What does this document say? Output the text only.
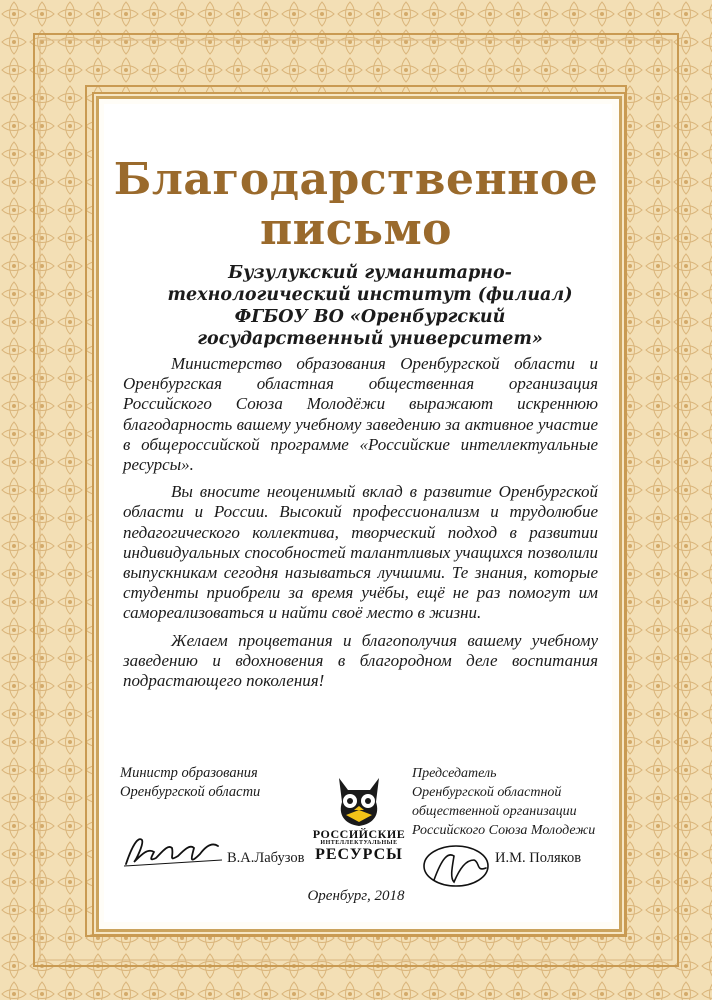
Благодарственное
письмо
Бузулукский гуманитарно-технологический институт (филиал) ФГБОУ ВО «Оренбургский государственный университет»

Министерство образования Оренбургской области и Оренбургская областная общественная организация Российского Союза Молодёжи выражают искреннюю благодарность вашему учебному заведению за активное участие в общероссийской программе «Российские интеллектуальные ресурсы».

Вы вносите неоценимый вклад в развитие Оренбургской области и России. Высокий профессионализм и трудолюбие педагогического коллектива, творческий подход в развитии индивидуальных способностей талантливых учащихся позволили выпускникам сегодня называться лучшими. Те знания, которые студенты приобрели за время учёбы, ещё не раз помогут им самореализоваться и найти своё место в жизни.

Желаем процветания и благополучия вашему учебному заведению и вдохновения в благородном деле воспитания подрастающего поколения!

Министр образования
Оренбургской области
Председатель
Оренбургской областной
общественной организации
Российского Союза Молодежи
В.А.Лабузов	И.М. Поляков
РОССИЙСКИЕ
ИНТЕЛЛЕКТУАЛЬНЫЕ
РЕСУРСЫ
Оренбург, 2018
